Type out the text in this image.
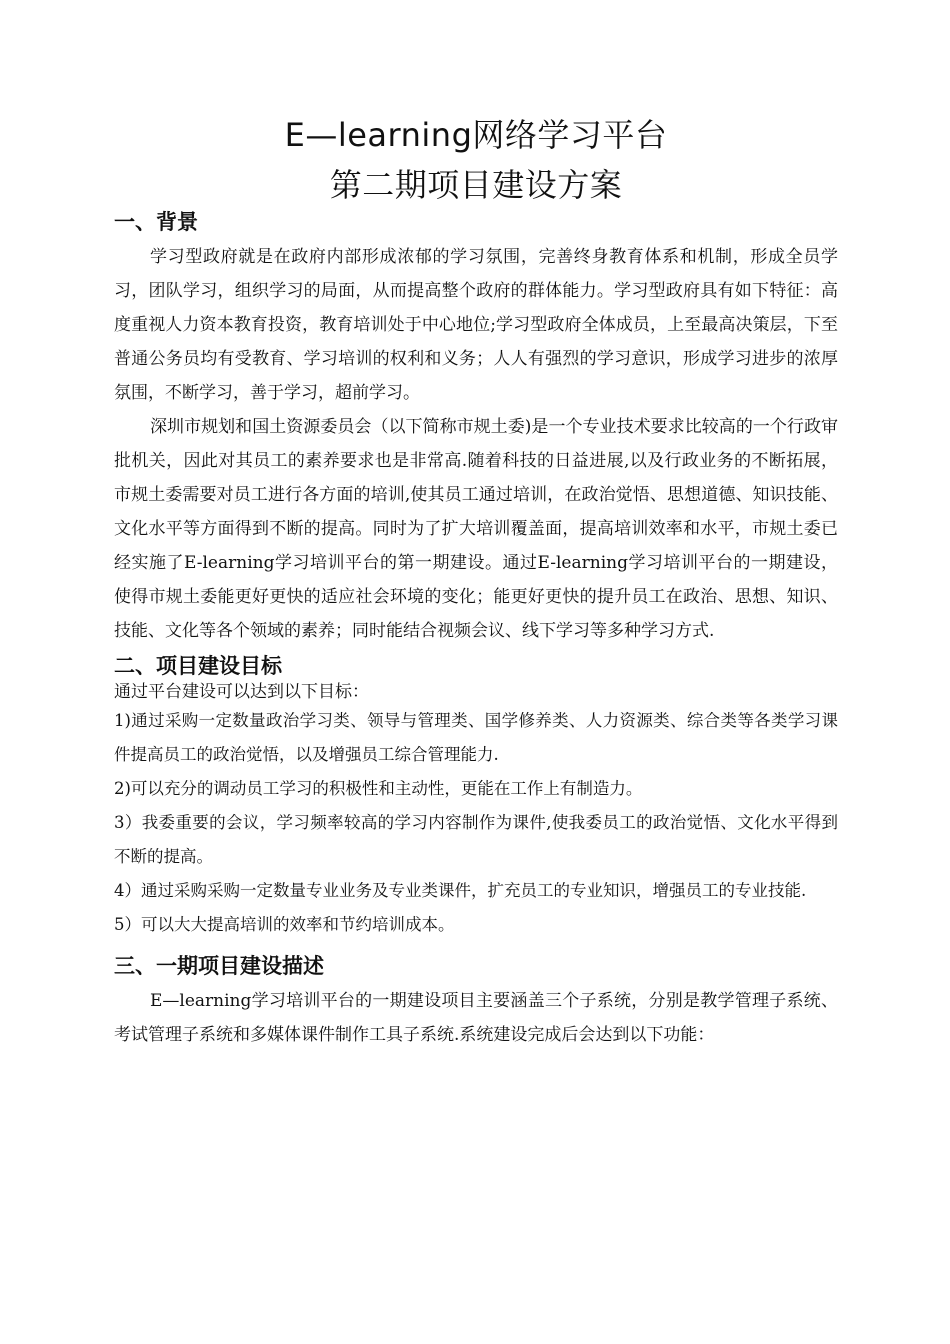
E—learning网络学习平台
第二期项目建设方案
一、背景

学习型政府就是在政府内部形成浓郁的学习氛围，完善终身教育体系和机制，形成全员学习，团队学习，组织学习的局面，从而提高整个政府的群体能力。学习型政府具有如下特征：高度重视人力资本教育投资，教育培训处于中心地位;学习型政府全体成员，上至最高决策层，下至普通公务员均有受教育、学习培训的权利和义务；人人有强烈的学习意识，形成学习进步的浓厚氛围，不断学习，善于学习，超前学习。

深圳市规划和国土资源委员会（以下简称市规土委)是一个专业技术要求比较高的一个行政审批机关，因此对其员工的素养要求也是非常高.随着科技的日益进展,以及行政业务的不断拓展，市规土委需要对员工进行各方面的培训,使其员工通过培训，在政治觉悟、思想道德、知识技能、文化水平等方面得到不断的提高。同时为了扩大培训覆盖面，提高培训效率和水平，市规土委已经实施了E-learning学习培训平台的第一期建设。通过E-learning学习培训平台的一期建设，使得市规土委能更好更快的适应社会环境的变化；能更好更快的提升员工在政治、思想、知识、技能、文化等各个领域的素养；同时能结合视频会议、线下学习等多种学习方式.

二、项目建设目标

通过平台建设可以达到以下目标：

1)通过采购一定数量政治学习类、领导与管理类、国学修养类、人力资源类、综合类等各类学习课件提高员工的政治觉悟，以及增强员工综合管理能力.

2)可以充分的调动员工学习的积极性和主动性，更能在工作上有制造力。

3）我委重要的会议，学习频率较高的学习内容制作为课件,使我委员工的政治觉悟、文化水平得到不断的提高。

4）通过采购采购一定数量专业业务及专业类课件，扩充员工的专业知识，增强员工的专业技能.

5）可以大大提高培训的效率和节约培训成本。

三、一期项目建设描述

E—learning学习培训平台的一期建设项目主要涵盖三个子系统，分别是教学管理子系统、考试管理子系统和多媒体课件制作工具子系统.系统建设完成后会达到以下功能：
